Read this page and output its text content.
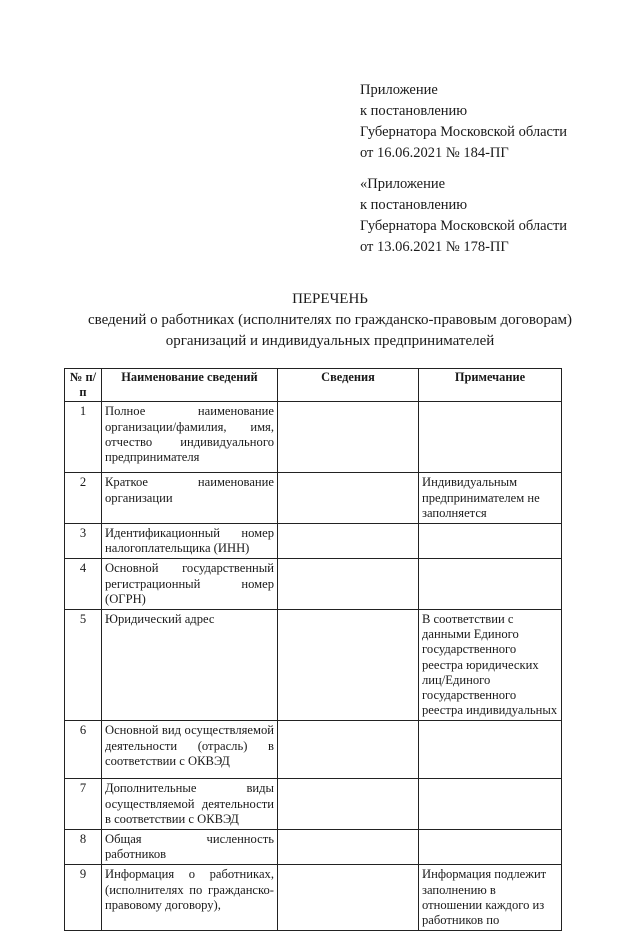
Приложение
к постановлению
Губернатора Московской области
от 16.06.2021 № 184-ПГ
«Приложение
к постановлению
Губернатора Московской области
от 13.06.2021 № 178-ПГ
ПЕРЕЧЕНЬ
сведений о работниках (исполнителях по гражданско-правовым договорам)
организаций и индивидуальных предпринимателей
№ п/п	Наименование сведений	Сведения	Примечание
1	Полное наименование организации/фамилия, имя, отчество индивидуального предпринимателя		
2	Краткое наименование организации		Индивидуальным предпринимателем не заполняется
3	Идентификационный номер налогоплательщика (ИНН)		
4	Основной государственный регистрационный номер (ОГРН)		
5	Юридический адрес		В соответствии с данными Единого государственного реестра юридических лиц/Единого государственного реестра индивидуальных
6	Основной вид осуществляемой деятельности (отрасль) в соответствии с ОКВЭД		
7	Дополнительные виды осуществляемой деятельности в соответствии с ОКВЭД		
8	Общая численность работников		
9	Информация о работниках, (исполнителях по гражданско-правовому договору),		Информация подлежит заполнению в отношении каждого из работников по
